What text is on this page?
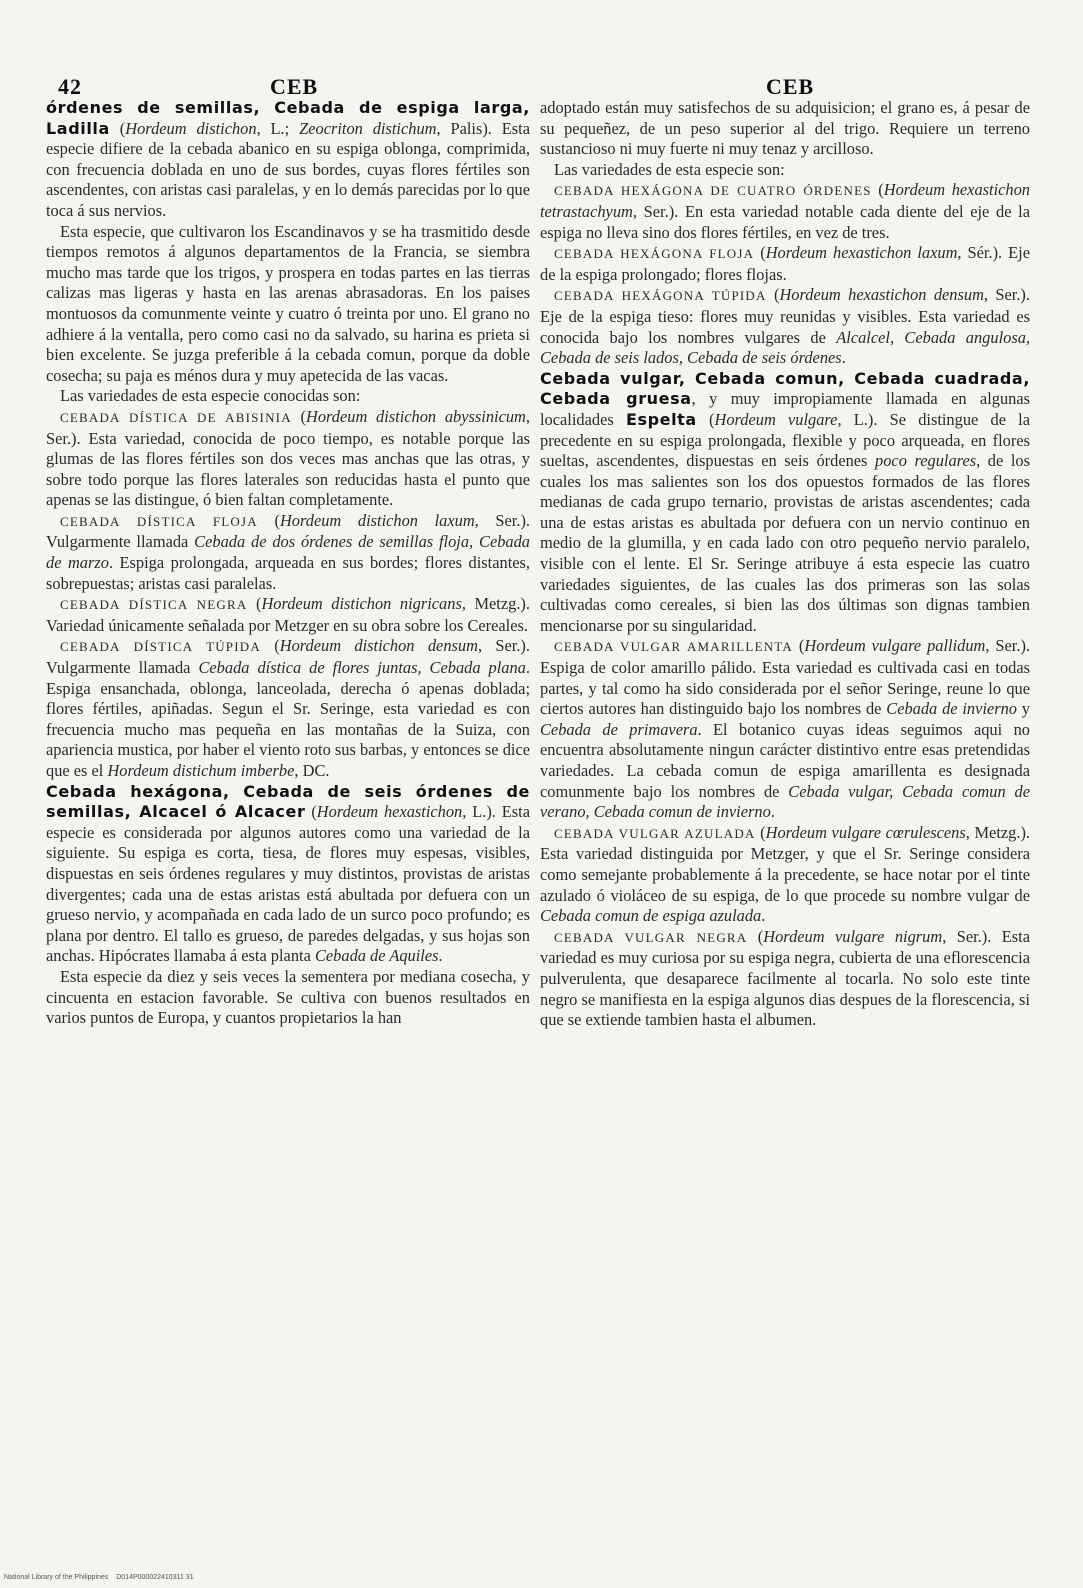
42	CEB	CEB

órdenes de semillas, Cebada de espiga larga, Ladilla (Hordeum distichon, L.; Zeocriton distichum, Palis). Esta especie difiere de la cebada abanico en su espiga oblonga, comprimida, con frecuencia doblada en uno de sus bordes, cuyas flores fértiles son ascendentes, con aristas casi paralelas, y en lo demás parecidas por lo que toca á sus nervios.

Esta especie, que cultivaron los Escandinavos y se ha trasmitido desde tiempos remotos á algunos departamentos de la Francia, se siembra mucho mas tarde que los trigos, y prospera en todas partes en las tierras calizas mas ligeras y hasta en las arenas abrasadoras. En los paises montuosos da comunmente veinte y cuatro ó treinta por uno. El grano no adhiere á la ventalla, pero como casi no da salvado, su harina es prieta si bien excelente. Se juzga preferible á la cebada comun, porque da doble cosecha; su paja es ménos dura y muy apetecida de las vacas.

Las variedades de esta especie conocidas son:

CEBADA DÍSTICA DE ABISINIA (Hordeum distichon abyssinicum, Ser.). Esta variedad, conocida de poco tiempo, es notable porque las glumas de las flores fértiles son dos veces mas anchas que las otras, y sobre todo porque las flores laterales son reducidas hasta el punto que apenas se las distingue, ó bien faltan completamente.

CEBADA DÍSTICA FLOJA (Hordeum distichon laxum, Ser.). Vulgarmente llamada Cebada de dos órdenes de semillas floja, Cebada de marzo. Espiga prolongada, arqueada en sus bordes; flores distantes, sobrepuestas; aristas casi paralelas.

CEBADA DÍSTICA NEGRA (Hordeum distichon nigricans, Metzg.). Variedad únicamente señalada por Metzger en su obra sobre los Cereales.

CEBADA DÍSTICA TÚPIDA (Hordeum distichon densum, Ser.). Vulgarmente llamada Cebada dística de flores juntas, Cebada plana. Espiga ensanchada, oblonga, lanceolada, derecha ó apenas doblada; flores fértiles, apiñadas. Segun el Sr. Seringe, esta variedad es con frecuencia mucho mas pequeña en las montañas de la Suiza, con apariencia mustica, por haber el viento roto sus barbas, y entonces se dice que es el Hordeum distichum imberbe, DC.

Cebada hexágona, Cebada de seis órdenes de semillas, Alcacel ó Alcacer (Hordeum hexastichon, L.). Esta especie es considerada por algunos autores como una variedad de la siguiente. Su espiga es corta, tiesa, de flores muy espesas, visibles, dispuestas en seis órdenes regulares y muy distintos, provistas de aristas divergentes; cada una de estas aristas está abultada por defuera con un grueso nervio, y acompañada en cada lado de un surco poco profundo; es plana por dentro. El tallo es grueso, de paredes delgadas, y sus hojas son anchas. Hipócrates llamaba á esta planta Cebada de Aquiles.

Esta especie da diez y seis veces la sementera por mediana cosecha, y cincuenta en estacion favorable. Se cultiva con buenos resultados en varios puntos de Europa, y cuantos propietarios la han

adoptado están muy satisfechos de su adquisicion; el grano es, á pesar de su pequeñez, de un peso superior al del trigo. Requiere un terreno sustancioso ni muy fuerte ni muy tenaz y arcilloso.

Las variedades de esta especie son:

CEBADA HEXÁGONA DE CUATRO ÓRDENES (Hordeum hexastichon tetrastachyum, Ser.). En esta variedad notable cada diente del eje de la espiga no lleva sino dos flores fértiles, en vez de tres.

CEBADA HEXÁGONA FLOJA (Hordeum hexastichon laxum, Sér.). Eje de la espiga prolongado; flores flojas.

CEBADA HEXÁGONA TÚPIDA (Hordeum hexastichon densum, Ser.). Eje de la espiga tieso: flores muy reunidas y visibles. Esta variedad es conocida bajo los nombres vulgares de Alcalcel, Cebada angulosa, Cebada de seis lados, Cebada de seis órdenes.

Cebada vulgar, Cebada comun, Cebada cuadrada, Cebada gruesa, y muy impropiamente llamada en algunas localidades Espelta (Hordeum vulgare, L.). Se distingue de la precedente en su espiga prolongada, flexible y poco arqueada, en flores sueltas, ascendentes, dispuestas en seis órdenes poco regulares, de los cuales los mas salientes son los dos opuestos formados de las flores medianas de cada grupo ternario, provistas de aristas ascendentes; cada una de estas aristas es abultada por defuera con un nervio continuo en medio de la glumilla, y en cada lado con otro pequeño nervio paralelo, visible con el lente. El Sr. Seringe atribuye á esta especie las cuatro variedades siguientes, de las cuales las dos primeras son las solas cultivadas como cereales, si bien las dos últimas son dignas tambien mencionarse por su singularidad.

CEBADA VULGAR AMARILLENTA (Hordeum vulgare pallidum, Ser.). Espiga de color amarillo pálido. Esta variedad es cultivada casi en todas partes, y tal como ha sido considerada por el señor Seringe, reune lo que ciertos autores han distinguido bajo los nombres de Cebada de invierno y Cebada de primavera. El botanico cuyas ideas seguimos aqui no encuentra absolutamente ningun carácter distintivo entre esas pretendidas variedades. La cebada comun de espiga amarillenta es designada comunmente bajo los nombres de Cebada vulgar, Cebada comun de verano, Cebada comun de invierno.

CEBADA VULGAR AZULADA (Hordeum vulgare cœrulescens, Metzg.). Esta variedad distinguida por Metzger, y que el Sr. Seringe considera como semejante probablemente á la precedente, se hace notar por el tinte azulado ó violáceo de su espiga, de lo que procede su nombre vulgar de Cebada comun de espiga azulada.

CEBADA VULGAR NEGRA (Hordeum vulgare nigrum, Ser.). Esta variedad es muy curiosa por su espiga negra, cubierta de una eflorescencia pulverulenta, que desaparece facilmente al tocarla. No solo este tinte negro se manifiesta en la espiga algunos dias despues de la florescencia, si que se extiende tambien hasta el albumen.

National Library of the Philippines D014P000022410311 31
